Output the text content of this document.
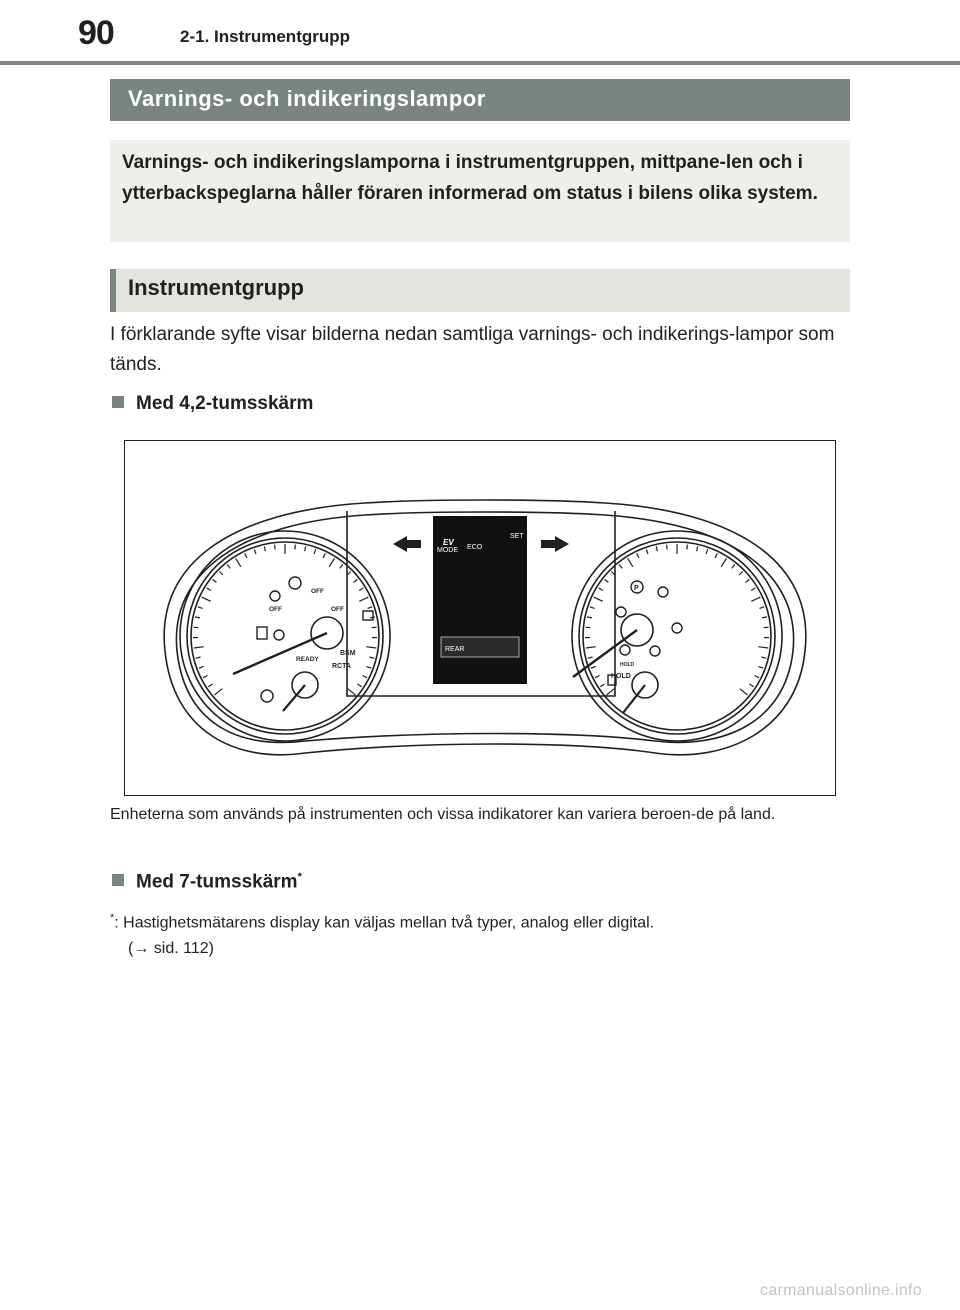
90	2-1. Instrumentgrupp
Varnings- och indikeringslampor
Varnings- och indikeringslamporna i instrumentgruppen, mittpane-len och i ytterbackspeglarna håller föraren informerad om status i bilens olika system.
Instrumentgrupp
I förklarande syfte visar bilderna nedan samtliga varnings- och indikerings-lampor som tänds.
Med 4,2-tumsskärm
REAR
MODE
EV
ECO
SET
OFF
OFF
OFF
READY
BSM
RCTA	HOLD
HOLD
P
Enheterna som används på instrumenten och vissa indikatorer kan variera beroen-de på land.
Med 7-tumsskärm*
*: Hastighetsmätarens display kan väljas mellan två typer, analog eller digital.
(→ sid. 112)
carmanualsonline.info
